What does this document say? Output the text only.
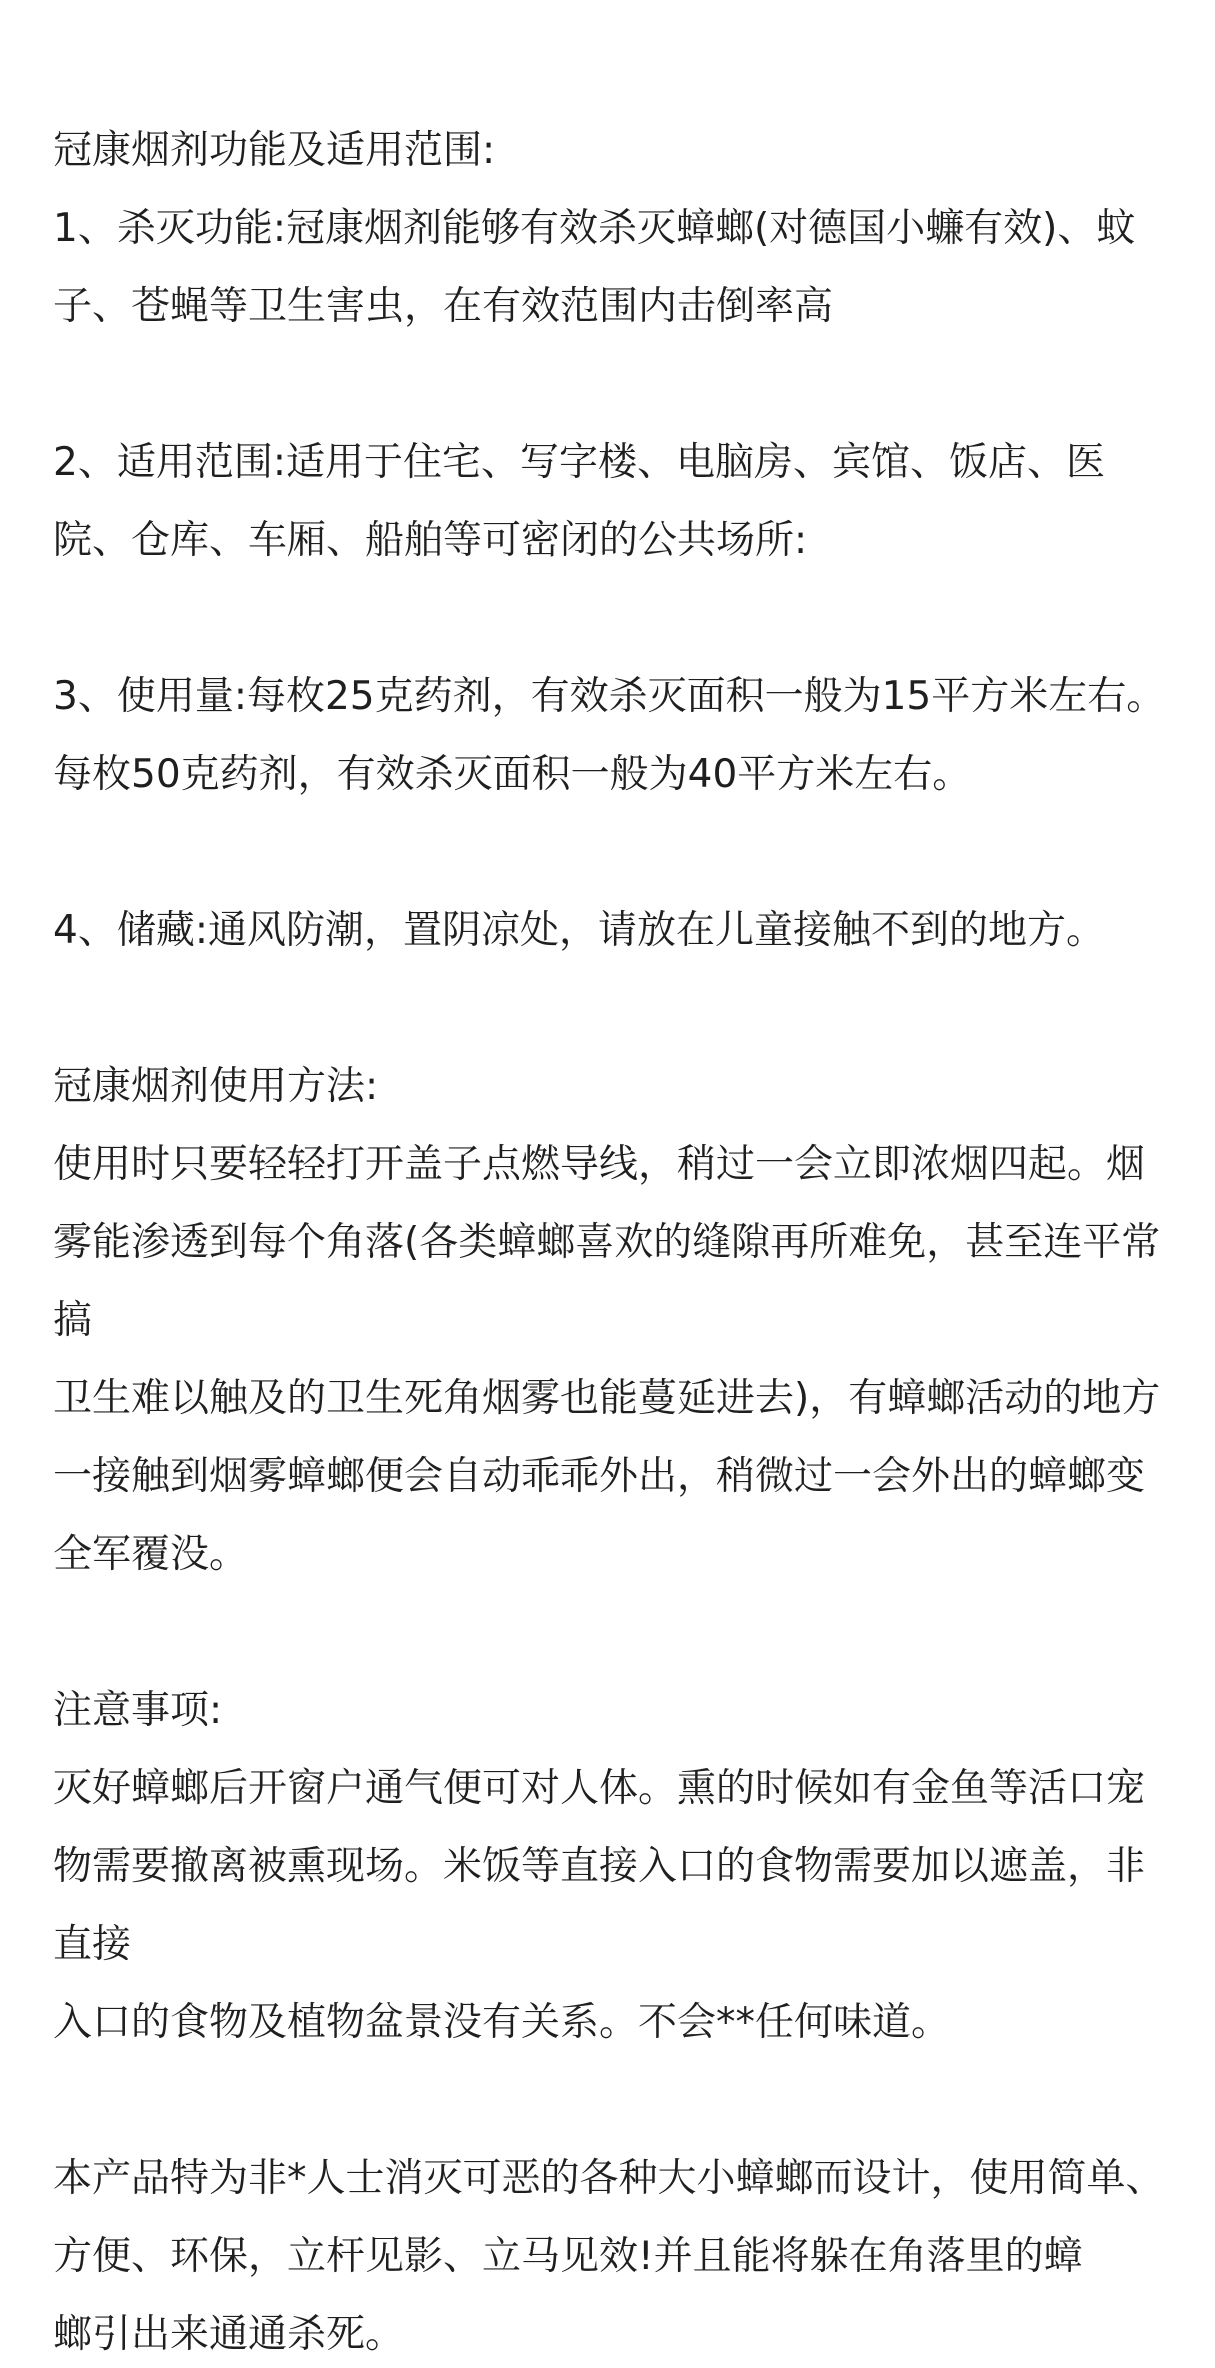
冠康烟剂功能及适用范围:

1、杀灭功能:冠康烟剂能够有效杀灭蟑螂(对德国小蠊有效)、蚊

子、苍蝇等卫生害虫，在有效范围内击倒率高

2、适用范围:适用于住宅、写字楼、电脑房、宾馆、饭店、医

院、仓库、车厢、船舶等可密闭的公共场所:

3、使用量:每枚25克药剂，有效杀灭面积一般为15平方米左右。

每枚50克药剂，有效杀灭面积一般为40平方米左右。

4、储藏:通风防潮，置阴凉处，请放在儿童接触不到的地方。

冠康烟剂使用方法:

使用时只要轻轻打开盖子点燃导线，稍过一会立即浓烟四起。烟

雾能渗透到每个角落(各类蟑螂喜欢的缝隙再所难免，甚至连平常

搞

卫生难以触及的卫生死角烟雾也能蔓延进去)，有蟑螂活动的地方

一接触到烟雾蟑螂便会自动乖乖外出，稍微过一会外出的蟑螂变

全军覆没。

注意事项:

灭好蟑螂后开窗户通气便可对人体。熏的时候如有金鱼等活口宠

物需要撤离被熏现场。米饭等直接入口的食物需要加以遮盖，非

直接

入口的食物及植物盆景没有关系。不会**任何味道。

本产品特为非*人士消灭可恶的各种大小蟑螂而设计，使用简单、

方便、环保，立杆见影、立马见效!并且能将躲在角落里的蟑

螂引出来通通杀死。
